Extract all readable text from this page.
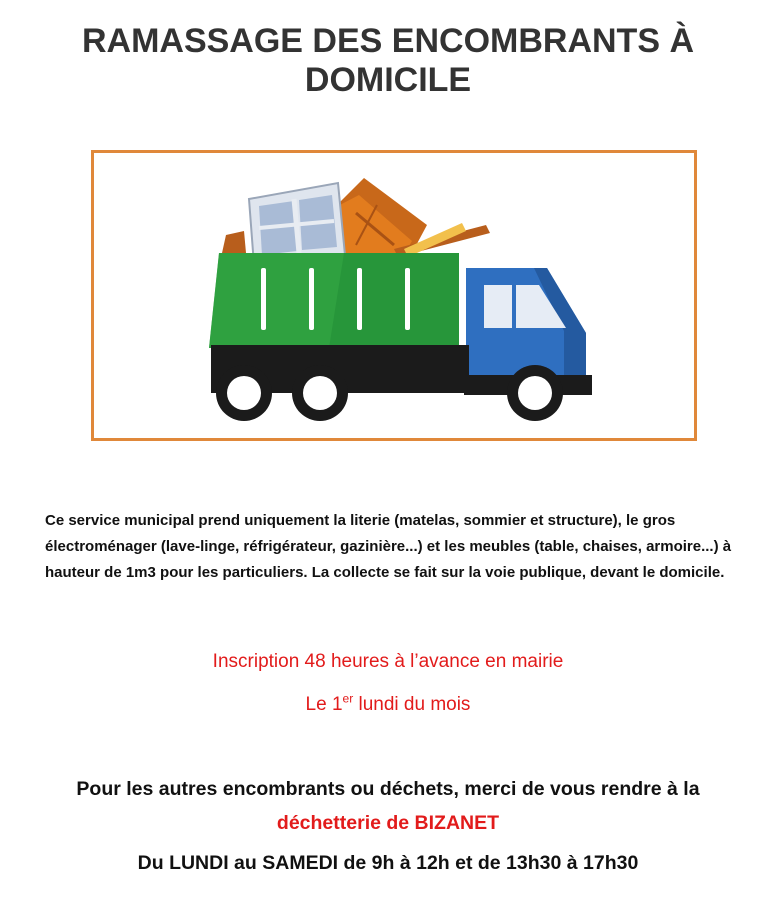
RAMASSAGE DES ENCOMBRANTS À
DOMICILE
Ce service municipal prend uniquement la literie (matelas, sommier et structure), le gros électroménager (lave-linge, réfrigérateur, gazinière...) et les meubles (table, chaises, armoire...) à hauteur de 1m3 pour les particuliers. La collecte se fait sur la voie publique, devant le domicile.
Inscription 48 heures à l’avance en mairie
Le 1er lundi du mois
Pour les autres encombrants ou déchets, merci de vous rendre à la
déchetterie de BIZANET
Du LUNDI au SAMEDI de 9h à 12h et de 13h30 à 17h30
